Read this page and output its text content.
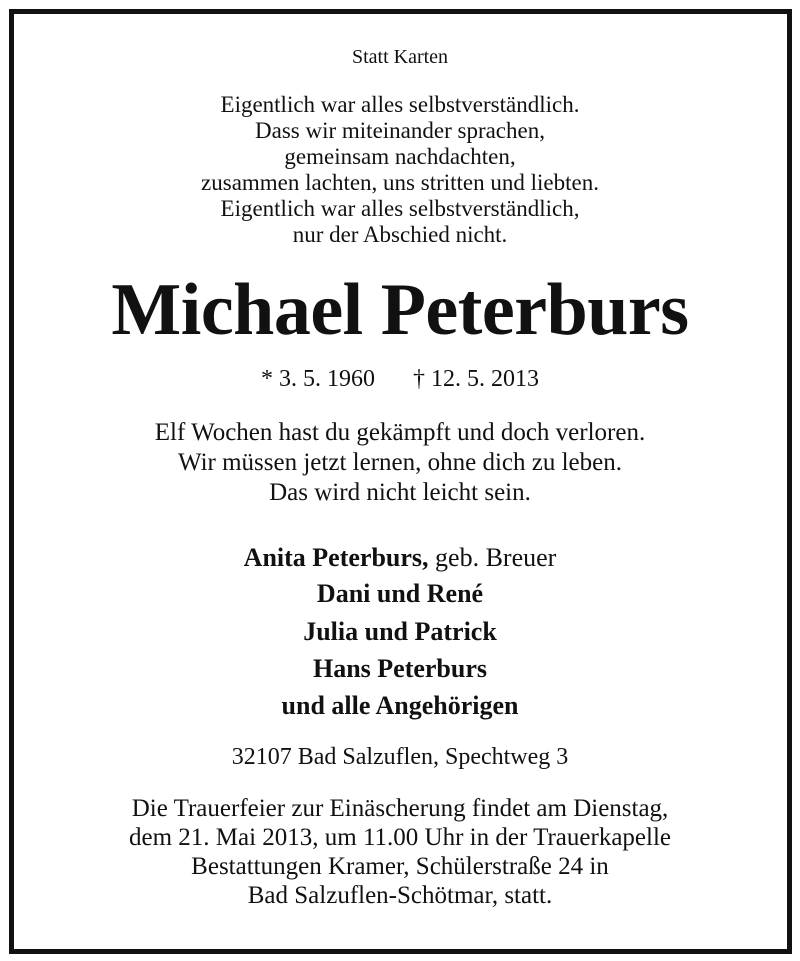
Statt Karten
Eigentlich war alles selbstverständlich.
Dass wir miteinander sprachen,
gemeinsam nachdachten,
zusammen lachten, uns stritten und liebten.
Eigentlich war alles selbstverständlich,
nur der Abschied nicht.
Michael Peterburs
* 3. 5. 1960 † 12. 5. 2013
Elf Wochen hast du gekämpft und doch verloren.
Wir müssen jetzt lernen, ohne dich zu leben.
Das wird nicht leicht sein.
Anita Peterburs, geb. Breuer
Dani und René
Julia und Patrick
Hans Peterburs
und alle Angehörigen
32107 Bad Salzuflen, Spechtweg 3
Die Trauerfeier zur Einäscherung findet am Dienstag,
dem 21. Mai 2013, um 11.00 Uhr in der Trauerkapelle
Bestattungen Kramer, Schülerstraße 24 in
Bad Salzuflen-Schötmar, statt.
